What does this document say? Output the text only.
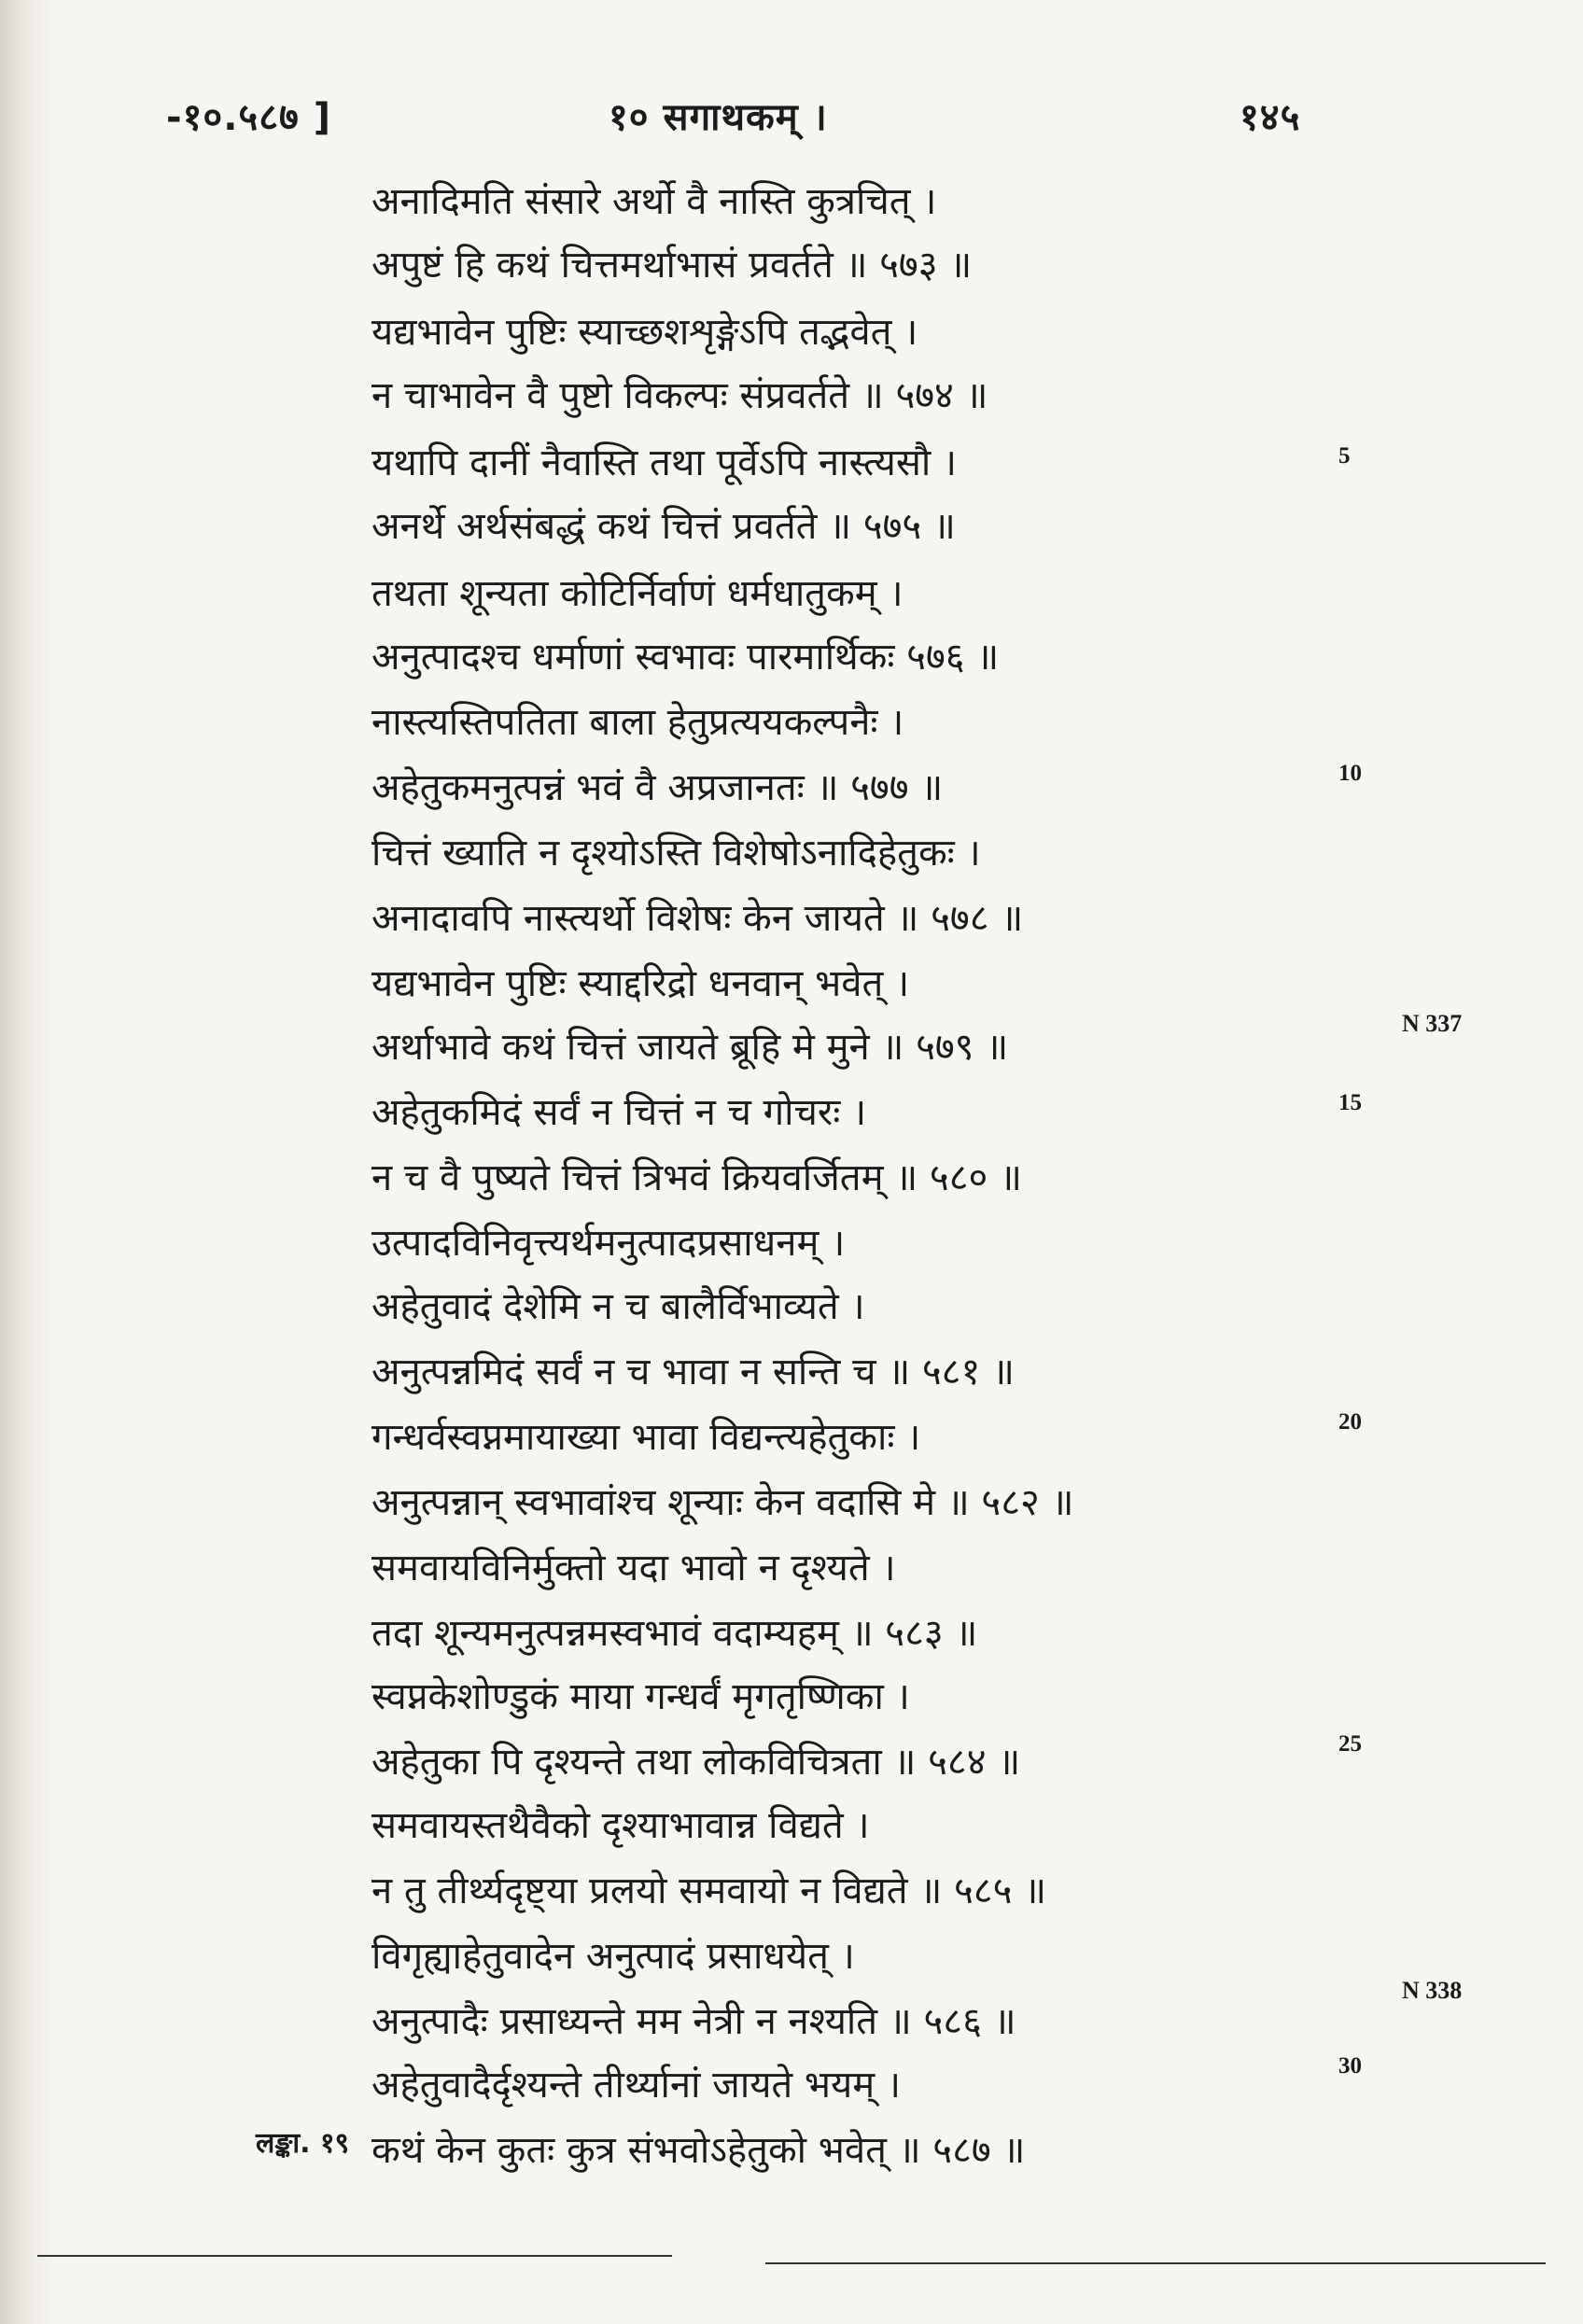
-१०.५८७ ]	१० सगाथकम् ।	१४५
अनादिमति संसारे अर्थो वै नास्ति कुत्रचित् ।
अपुष्टं हि कथं चित्तमर्थाभासं प्रवर्तते ॥ ५७३ ॥
यद्यभावेन पुष्टिः स्याच्छशशृङ्गेऽपि तद्भवेत् ।
न चाभावेन वै पुष्टो विकल्पः संप्रवर्तते ॥ ५७४ ॥
यथापि दानीं नैवास्ति तथा पूर्वेऽपि नास्त्यसौ ।
अनर्थे अर्थसंबद्धं कथं चित्तं प्रवर्तते ॥ ५७५ ॥
तथता शून्यता कोटिर्निर्वाणं धर्मधातुकम् ।
अनुत्पादश्च धर्माणां स्वभावः पारमार्थिकः ५७६ ॥
नास्त्यस्तिपतिता बाला हेतुप्रत्ययकल्पनैः ।
अहेतुकमनुत्पन्नं भवं वै अप्रजानतः ॥ ५७७ ॥
चित्तं ख्याति न दृश्योऽस्ति विशेषोऽनादिहेतुकः ।
अनादावपि नास्त्यर्थो विशेषः केन जायते ॥ ५७८ ॥
यद्यभावेन पुष्टिः स्याद्दरिद्रो धनवान् भवेत् ।
अर्थाभावे कथं चित्तं जायते ब्रूहि मे मुने ॥ ५७९ ॥
अहेतुकमिदं सर्वं न चित्तं न च गोचरः ।
न च वै पुष्यते चित्तं त्रिभवं क्रियवर्जितम् ॥ ५८० ॥
उत्पादविनिवृत्त्यर्थमनुत्पादप्रसाधनम् ।
अहेतुवादं देशेमि न च बालैर्विभाव्यते ।
अनुत्पन्नमिदं सर्वं न च भावा न सन्ति च ॥ ५८१ ॥
गन्धर्वस्वप्नमायाख्या भावा विद्यन्त्यहेतुकाः ।
अनुत्पन्नान् स्वभावांश्च शून्याः केन वदासि मे ॥ ५८२ ॥
समवायविनिर्मुक्तो यदा भावो न दृश्यते ।
तदा शून्यमनुत्पन्नमस्वभावं वदाम्यहम् ॥ ५८३ ॥
स्वप्नकेशोण्डुकं माया गन्धर्वं मृगतृष्णिका ।
अहेतुका पि दृश्यन्ते तथा लोकविचित्रता ॥ ५८४ ॥
समवायस्तथैवैको दृश्याभावान्न विद्यते ।
न तु तीर्थ्यदृष्ट्या प्रलयो समवायो न विद्यते ॥ ५८५ ॥
विगृह्याहेतुवादेन अनुत्पादं प्रसाधयेत् ।
अनुत्पादैः प्रसाध्यन्ते मम नेत्री न नश्यति ॥ ५८६ ॥
अहेतुवादैर्दृश्यन्ते तीर्थ्यानां जायते भयम् ।
कथं केन कुतः कुत्र संभवोऽहेतुको भवेत् ॥ ५८७ ॥
5
10
15
20
25
30
N 337
N 338
लङ्का. १९
